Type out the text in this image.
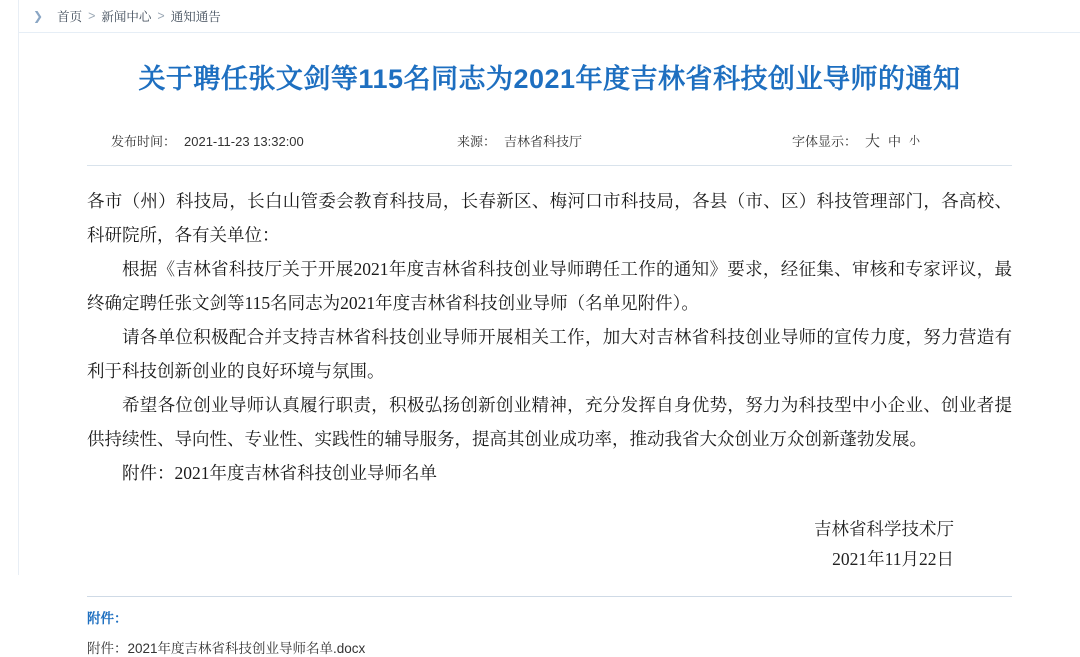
❯ 首页 > 新闻中心 > 通知通告
关于聘任张文剑等115名同志为2021年度吉林省科技创业导师的通知
发布时间： 2021-11-23 13:32:00	来源： 吉林省科技厅	字体显示： 大 中 小

各市（州）科技局，长白山管委会教育科技局，长春新区、梅河口市科技局，各县（市、区）科技管理部门，各高校、科研院所，各有关单位：

根据《吉林省科技厅关于开展2021年度吉林省科技创业导师聘任工作的通知》要求，经征集、审核和专家评议，最终确定聘任张文剑等115名同志为2021年度吉林省科技创业导师（名单见附件）。

请各单位积极配合并支持吉林省科技创业导师开展相关工作，加大对吉林省科技创业导师的宣传力度，努力营造有利于科技创新创业的良好环境与氛围。

希望各位创业导师认真履行职责，积极弘扬创新创业精神，充分发挥自身优势，努力为科技型中小企业、创业者提供持续性、导向性、专业性、实践性的辅导服务，提高其创业成功率，推动我省大众创业万众创新蓬勃发展。

附件：2021年度吉林省科技创业导师名单

吉林省科学技术厅
2021年11月22日
附件：
附件：2021年度吉林省科技创业导师名单.docx
